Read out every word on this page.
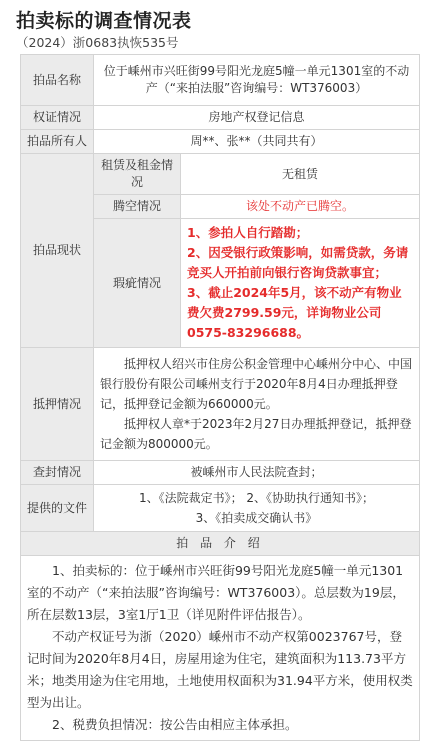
拍卖标的调查情况表
（2024）浙0683执恢535号
拍品名称	位于嵊州市兴旺街99号阳光龙庭5幢一单元1301室的不动产（“来拍法服”咨询编号：WT376003）	
权证情况	房地产权登记信息	
拍品所有人	周**、张**（共同共有）	
拍品现状	租赁及租金情况	无租赁
	腾空情况	该处不动产已腾空。
	瑕疵情况	1、参拍人自行踏勘；
2、因受银行政策影响，如需贷款，务请竞买人开拍前向银行咨询贷款事宜；
3、截止2024年5月，该不动产有物业费欠费2799.59元，详询物业公司0575-83296688。

抵押情况	抵押权人绍兴市住房公积金管理中心嵊州分中心、中国银行股份有限公司嵊州支行于2020年8月4日办理抵押登记，抵押登记金额为660000元。
抵押权人章*于2023年2月27日办理抵押登记，抵押登记金额为800000元。	

查封情况	被嵊州市人民法院查封；	
提供的文件	1、《法院裁定书》； 2、《协助执行通知书》；
3、《拍卖成交确认书》	

拍 品 介 绍		

1、拍卖标的：位于嵊州市兴旺街99号阳光龙庭5幢一单元1301室的不动产（“来拍法服”咨询编号：WT376003）。总层数为19层，所在层数13层，3室1厅1卫（详见附件评估报告）。

不动产权证号为浙（2020）嵊州市不动产权第0023767号，登记时间为2020年8月4日，房屋用途为住宅，建筑面积为113.73平方米；地类用途为住宅用地，土地使用权面积为31.94平方米，使用权类型为出让。

2、税费负担情况：按公告由相应主体承担。		
